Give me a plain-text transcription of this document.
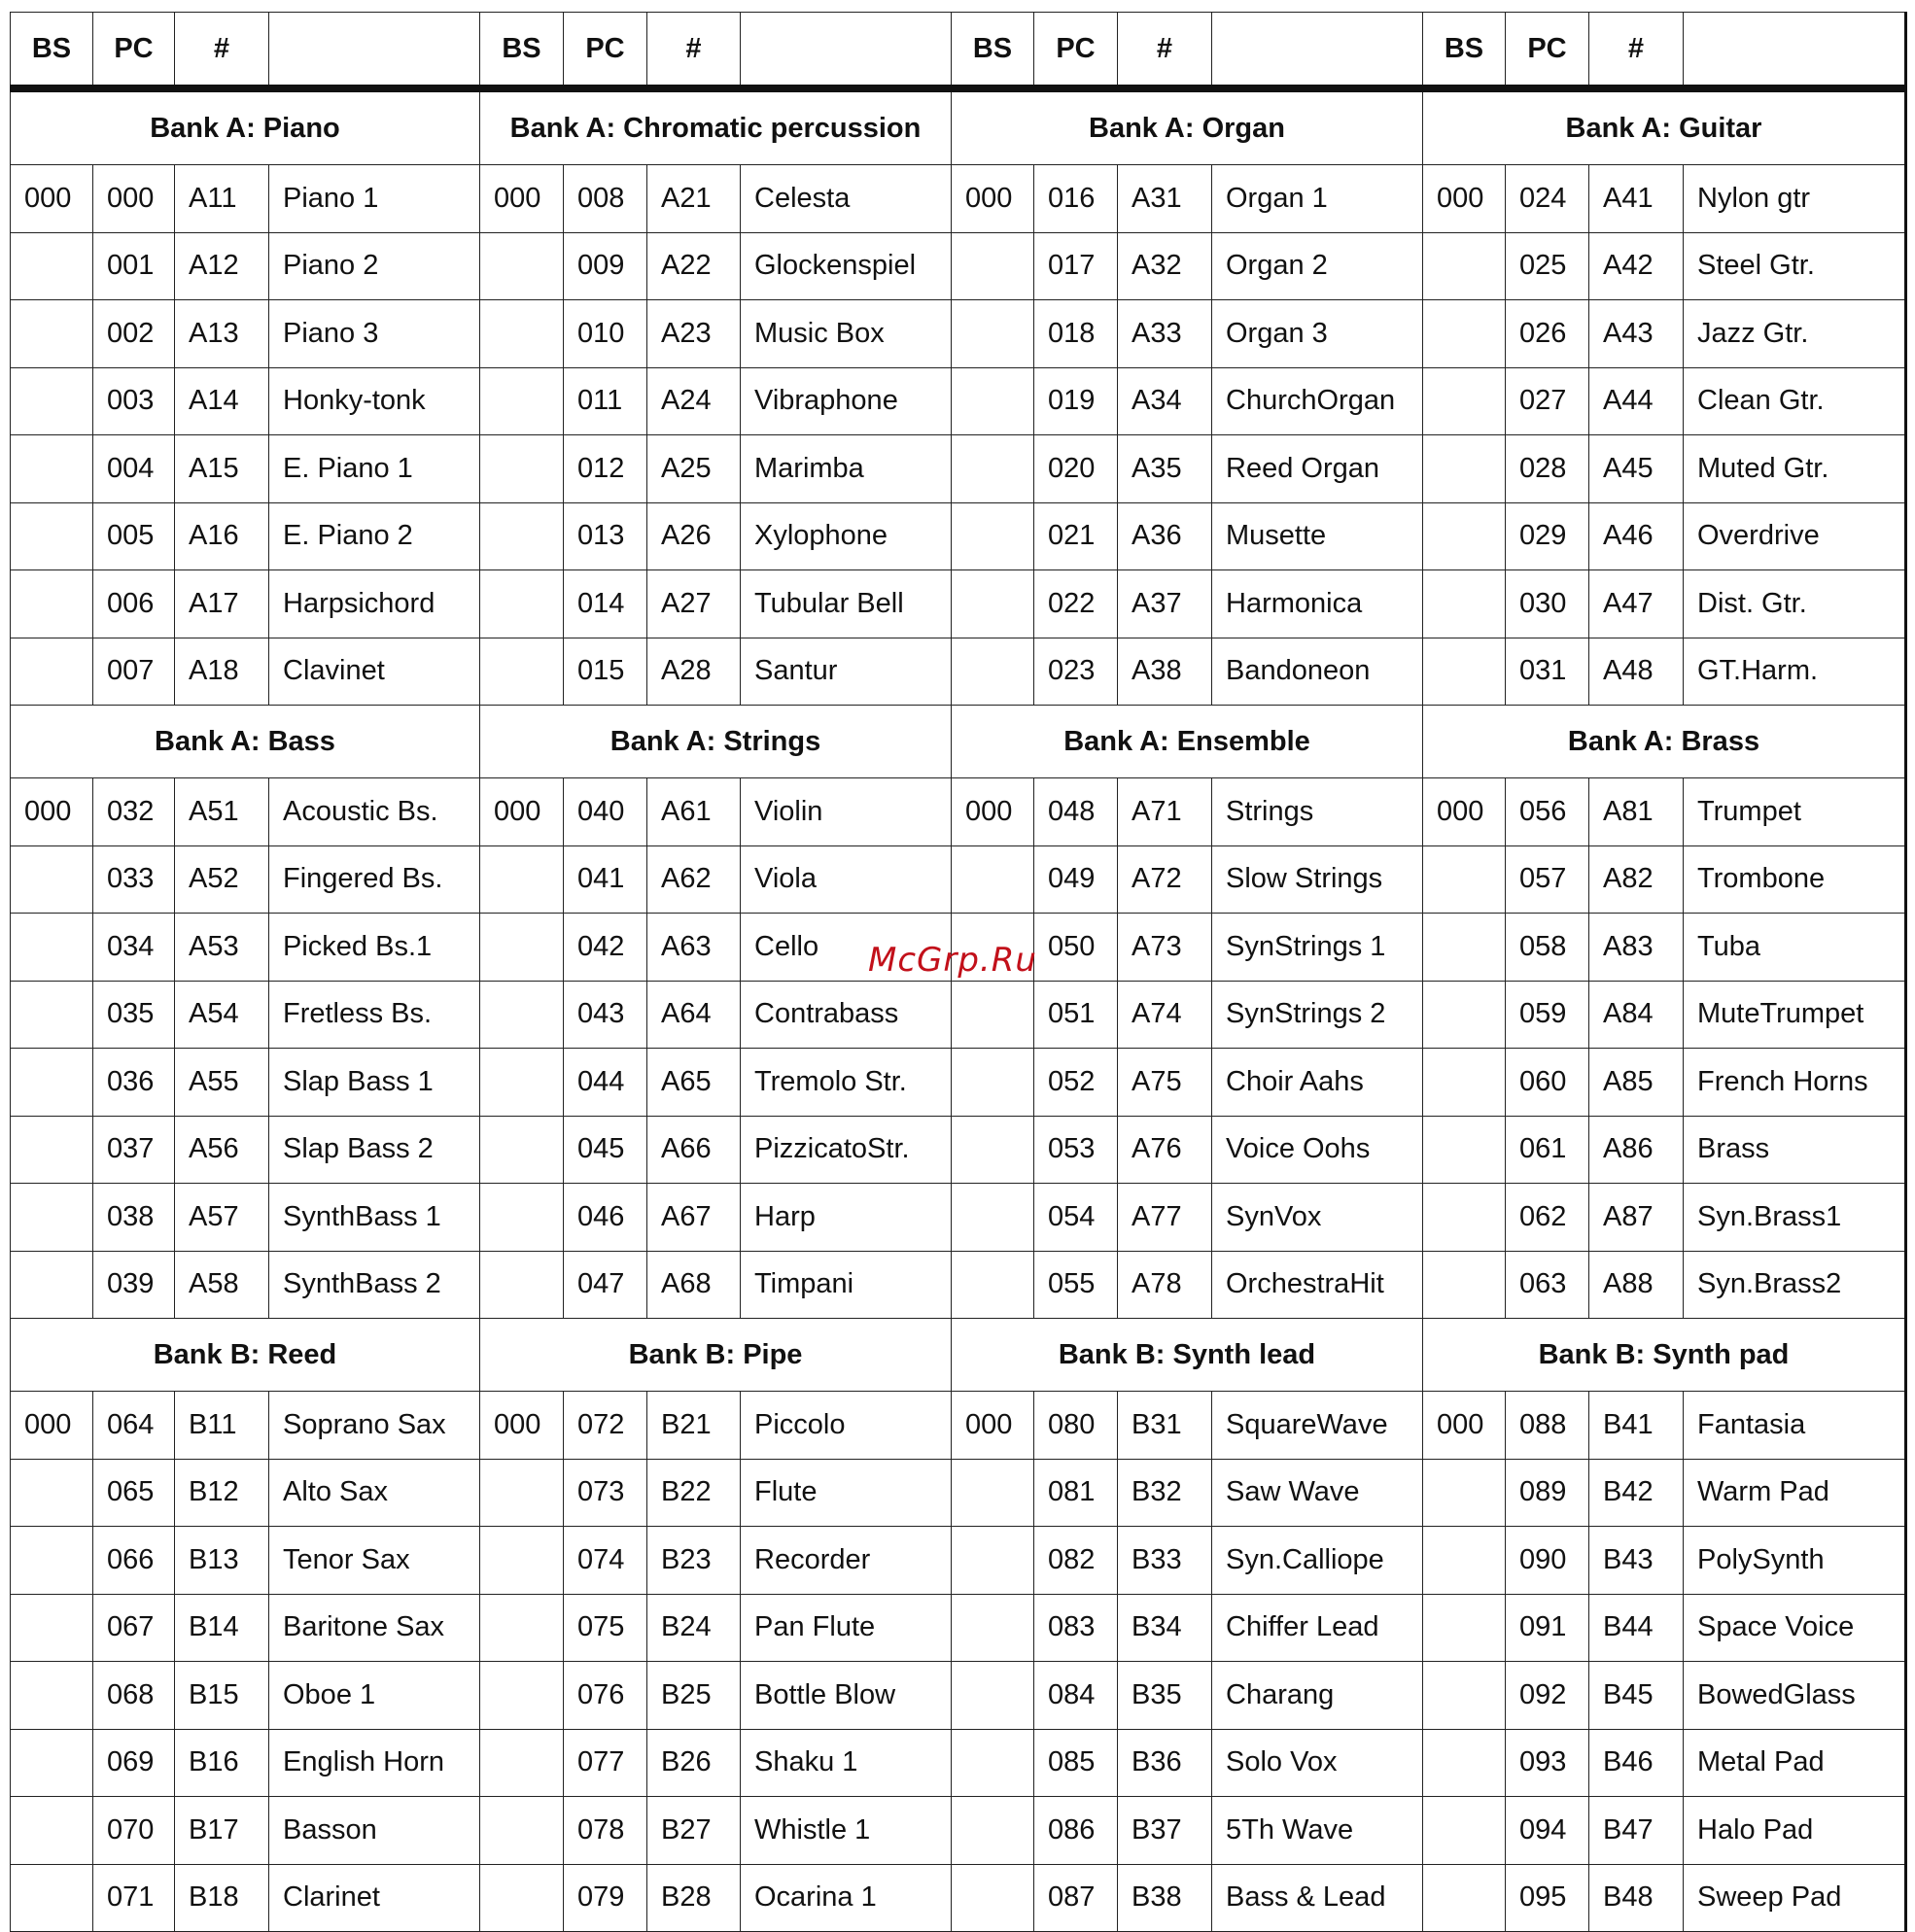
BS	PC	#		BS	PC	#		BS	PC	#		BS	PC	#	
Bank A: Piano				Bank A: Chromatic percussion				Bank A: Organ				Bank A: Guitar			
000	000	A11	Piano 1	000	008	A21	Celesta	000	016	A31	Organ 1	000	024	A41	Nylon gtr
	001	A12	Piano 2		009	A22	Glockenspiel		017	A32	Organ 2		025	A42	Steel Gtr.
	002	A13	Piano 3		010	A23	Music Box		018	A33	Organ 3		026	A43	Jazz Gtr.
	003	A14	Honky-tonk		011	A24	Vibraphone		019	A34	ChurchOrgan		027	A44	Clean Gtr.
	004	A15	E. Piano 1		012	A25	Marimba		020	A35	Reed Organ		028	A45	Muted Gtr.
	005	A16	E. Piano 2		013	A26	Xylophone		021	A36	Musette		029	A46	Overdrive
	006	A17	Harpsichord		014	A27	Tubular Bell		022	A37	Harmonica		030	A47	Dist. Gtr.
	007	A18	Clavinet		015	A28	Santur		023	A38	Bandoneon		031	A48	GT.Harm.
Bank A: Bass				Bank A: Strings				Bank A: Ensemble				Bank A: Brass			
000	032	A51	Acoustic Bs.	000	040	A61	Violin	000	048	A71	Strings	000	056	A81	Trumpet
	033	A52	Fingered Bs.		041	A62	Viola		049	A72	Slow Strings		057	A82	Trombone
	034	A53	Picked Bs.1		042	A63	Cello		050	A73	SynStrings 1		058	A83	Tuba
	035	A54	Fretless Bs.		043	A64	Contrabass		051	A74	SynStrings 2		059	A84	MuteTrumpet
	036	A55	Slap Bass 1		044	A65	Tremolo Str.		052	A75	Choir Aahs		060	A85	French Horns
	037	A56	Slap Bass 2		045	A66	PizzicatoStr.		053	A76	Voice Oohs		061	A86	Brass
	038	A57	SynthBass 1		046	A67	Harp		054	A77	SynVox		062	A87	Syn.Brass1
	039	A58	SynthBass 2		047	A68	Timpani		055	A78	OrchestraHit		063	A88	Syn.Brass2
Bank B: Reed				Bank B: Pipe				Bank B: Synth lead				Bank B: Synth pad			
000	064	B11	Soprano Sax	000	072	B21	Piccolo	000	080	B31	SquareWave	000	088	B41	Fantasia
	065	B12	Alto Sax		073	B22	Flute		081	B32	Saw Wave		089	B42	Warm Pad
	066	B13	Tenor Sax		074	B23	Recorder		082	B33	Syn.Calliope		090	B43	PolySynth
	067	B14	Baritone Sax		075	B24	Pan Flute		083	B34	Chiffer Lead		091	B44	Space Voice
	068	B15	Oboe 1		076	B25	Bottle Blow		084	B35	Charang		092	B45	BowedGlass
	069	B16	English Horn		077	B26	Shaku 1		085	B36	Solo Vox		093	B46	Metal Pad
	070	B17	Basson		078	B27	Whistle 1		086	B37	5Th Wave		094	B47	Halo Pad
	071	B18	Clarinet		079	B28	Ocarina 1		087	B38	Bass & Lead		095	B48	Sweep Pad
McGrp.Ru
